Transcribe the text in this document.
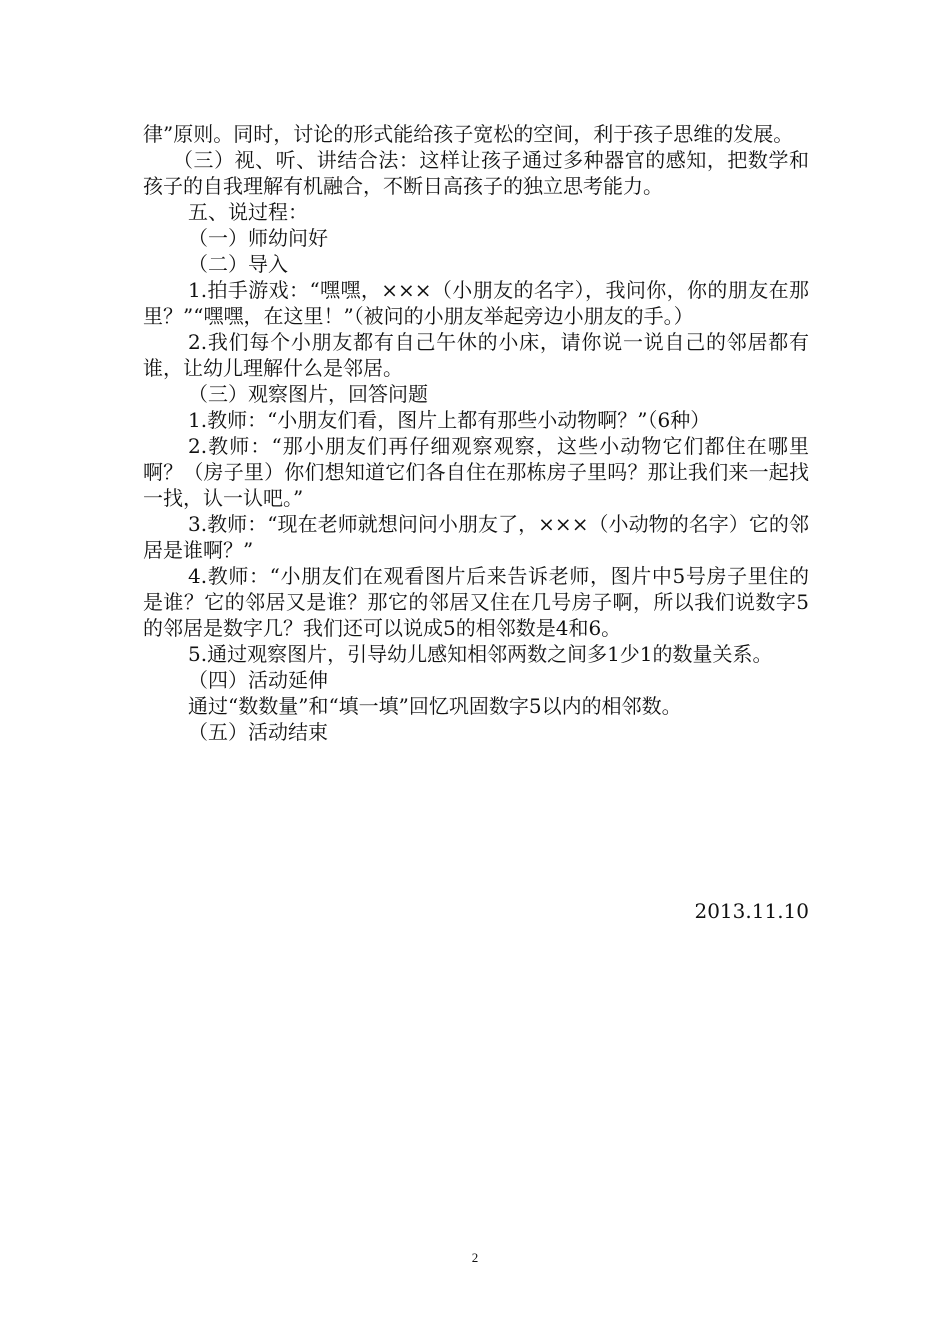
律”原则。同时，讨论的形式能给孩子宽松的空间，利于孩子思维的发展。

（三）视、听、讲结合法：这样让孩子通过多种器官的感知，把数学和孩子的自我理解有机融合，不断日高孩子的独立思考能力。

五、说过程：

（一）师幼问好

（二）导入

1.拍手游戏：“嘿嘿，×××（小朋友的名字），我问你，你的朋友在那里？”“嘿嘿，在这里！”（被问的小朋友举起旁边小朋友的手。）

2.我们每个小朋友都有自己午休的小床，请你说一说自己的邻居都有谁，让幼儿理解什么是邻居。

（三）观察图片，回答问题

1.教师：“小朋友们看，图片上都有那些小动物啊？”（6种）

2.教师：“那小朋友们再仔细观察观察，这些小动物它们都住在哪里啊？（房子里）你们想知道它们各自住在那栋房子里吗？那让我们来一起找一找，认一认吧。”

3.教师：“现在老师就想问问小朋友了，×××（小动物的名字）它的邻居是谁啊？”

4.教师：“小朋友们在观看图片后来告诉老师，图片中5号房子里住的是谁？它的邻居又是谁？那它的邻居又住在几号房子啊，所以我们说数字5的邻居是数字几？我们还可以说成5的相邻数是4和6。

5.通过观察图片，引导幼儿感知相邻两数之间多1少1的数量关系。

（四）活动延伸

通过“数数量”和“填一填”回忆巩固数字5以内的相邻数。

（五）活动结束

2013.11.10
2
